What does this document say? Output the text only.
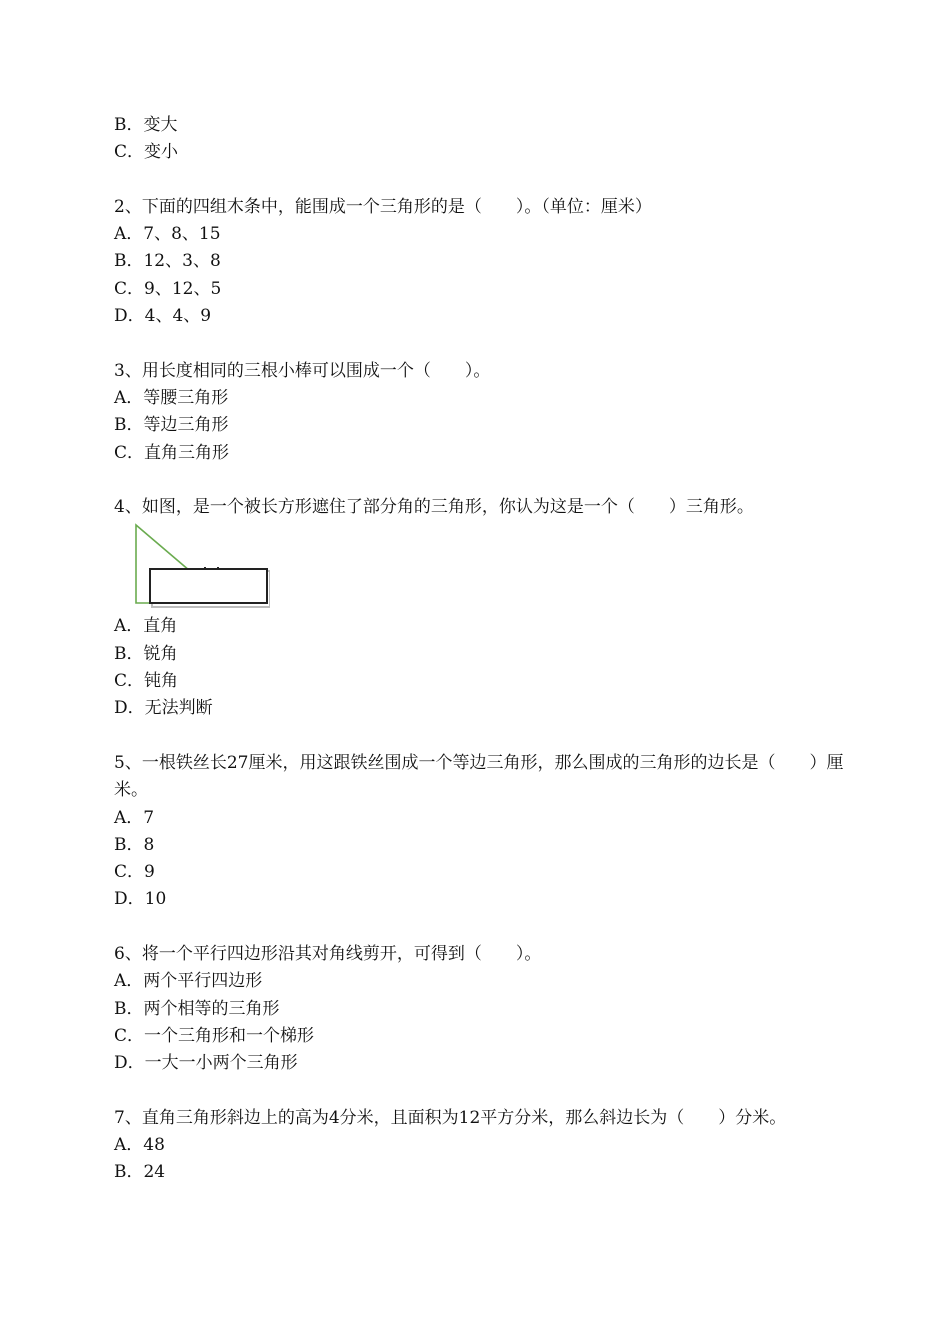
B．变大
C．变小
2、下面的四组木条中，能围成一个三角形的是（　　）。（单位：厘米）
A．7、8、15
B．12、3、8
C．9、12、5
D．4、4、9
3、用长度相同的三根小棒可以围成一个（　　）。
A．等腰三角形
B．等边三角形
C．直角三角形
4、如图，是一个被长方形遮住了部分角的三角形，你认为这是一个（　　）三角形。
A．直角
B．锐角
C．钝角
D．无法判断
5、一根铁丝长27厘米，用这跟铁丝围成一个等边三角形，那么围成的三角形的边长是（　　）厘米。
A．7
B．8
C．9
D．10
6、将一个平行四边形沿其对角线剪开，可得到（　　）。
A．两个平行四边形
B．两个相等的三角形
C．一个三角形和一个梯形
D．一大一小两个三角形
7、直角三角形斜边上的高为4分米，且面积为12平方分米，那么斜边长为（　　）分米。
A．48
B．24
